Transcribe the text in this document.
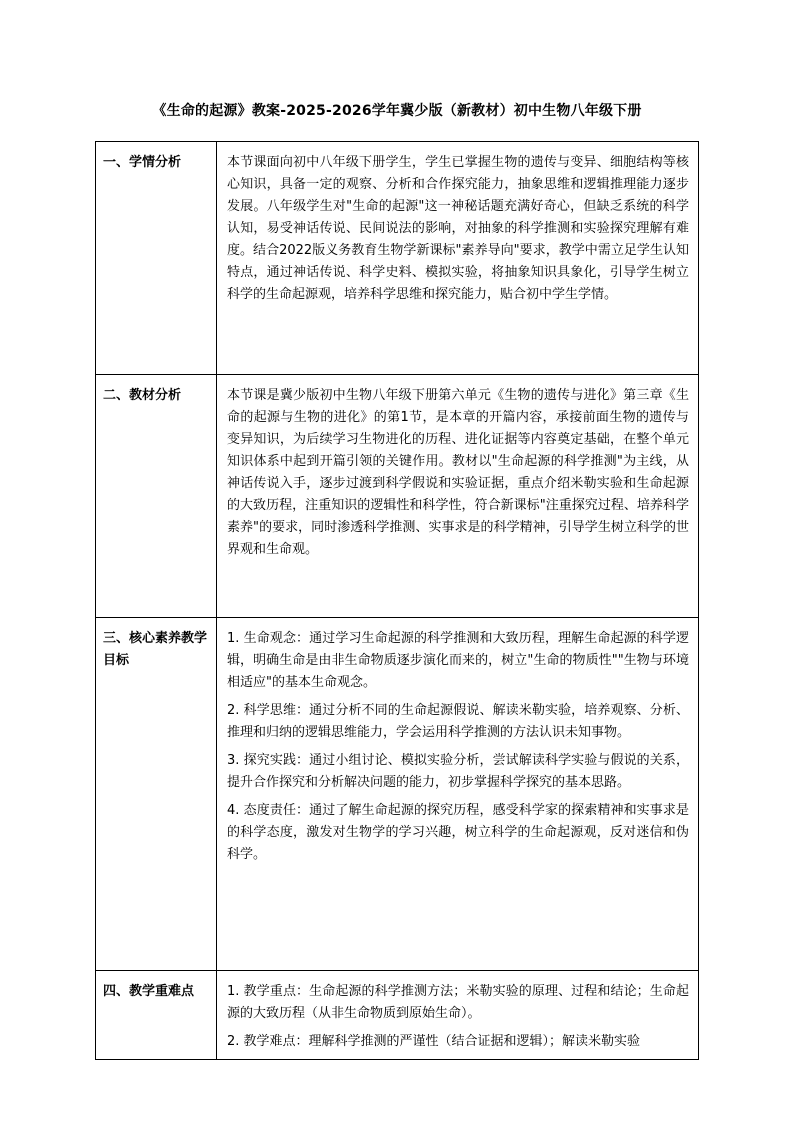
《生命的起源》教案-2025-2026学年冀少版（新教材）初中生物八年级下册
一、学情分析	本节课面向初中八年级下册学生，学生已掌握生物的遗传与变异、细胞结构等核心知识，具备一定的观察、分析和合作探究能力，抽象思维和逻辑推理能力逐步发展。八年级学生对"生命的起源"这一神秘话题充满好奇心，但缺乏系统的科学认知，易受神话传说、民间说法的影响，对抽象的科学推测和实验探究理解有难度。结合2022版义务教育生物学新课标"素养导向"要求，教学中需立足学生认知特点，通过神话传说、科学史料、模拟实验，将抽象知识具象化，引导学生树立科学的生命起源观，培养科学思维和探究能力，贴合初中学生学情。

二、教材分析	本节课是冀少版初中生物八年级下册第六单元《生物的遗传与进化》第三章《生命的起源与生物的进化》的第1节，是本章的开篇内容，承接前面生物的遗传与变异知识，为后续学习生物进化的历程、进化证据等内容奠定基础，在整个单元知识体系中起到开篇引领的关键作用。教材以"生命起源的科学推测"为主线，从神话传说入手，逐步过渡到科学假说和实验证据，重点介绍米勒实验和生命起源的大致历程，注重知识的逻辑性和科学性，符合新课标"注重探究过程、培养科学素养"的要求，同时渗透科学推测、实事求是的科学精神，引导学生树立科学的世界观和生命观。

三、核心素养教学目标	1. 生命观念：通过学习生命起源的科学推测和大致历程，理解生命起源的科学逻辑，明确生命是由非生命物质逐步演化而来的，树立"生命的物质性""生物与环境相适应"的基本生命观念。

2. 科学思维：通过分析不同的生命起源假说、解读米勒实验，培养观察、分析、推理和归纳的逻辑思维能力，学会运用科学推测的方法认识未知事物。

3. 探究实践：通过小组讨论、模拟实验分析，尝试解读科学实验与假说的关系，提升合作探究和分析解决问题的能力，初步掌握科学探究的基本思路。

4. 态度责任：通过了解生命起源的探究历程，感受科学家的探索精神和实事求是的科学态度，激发对生物学的学习兴趣，树立科学的生命起源观，反对迷信和伪科学。

四、教学重难点	1. 教学重点：生命起源的科学推测方法；米勒实验的原理、过程和结论；生命起源的大致历程（从非生命物质到原始生命）。

2. 教学难点：理解科学推测的严谨性（结合证据和逻辑）；解读米勒实验
